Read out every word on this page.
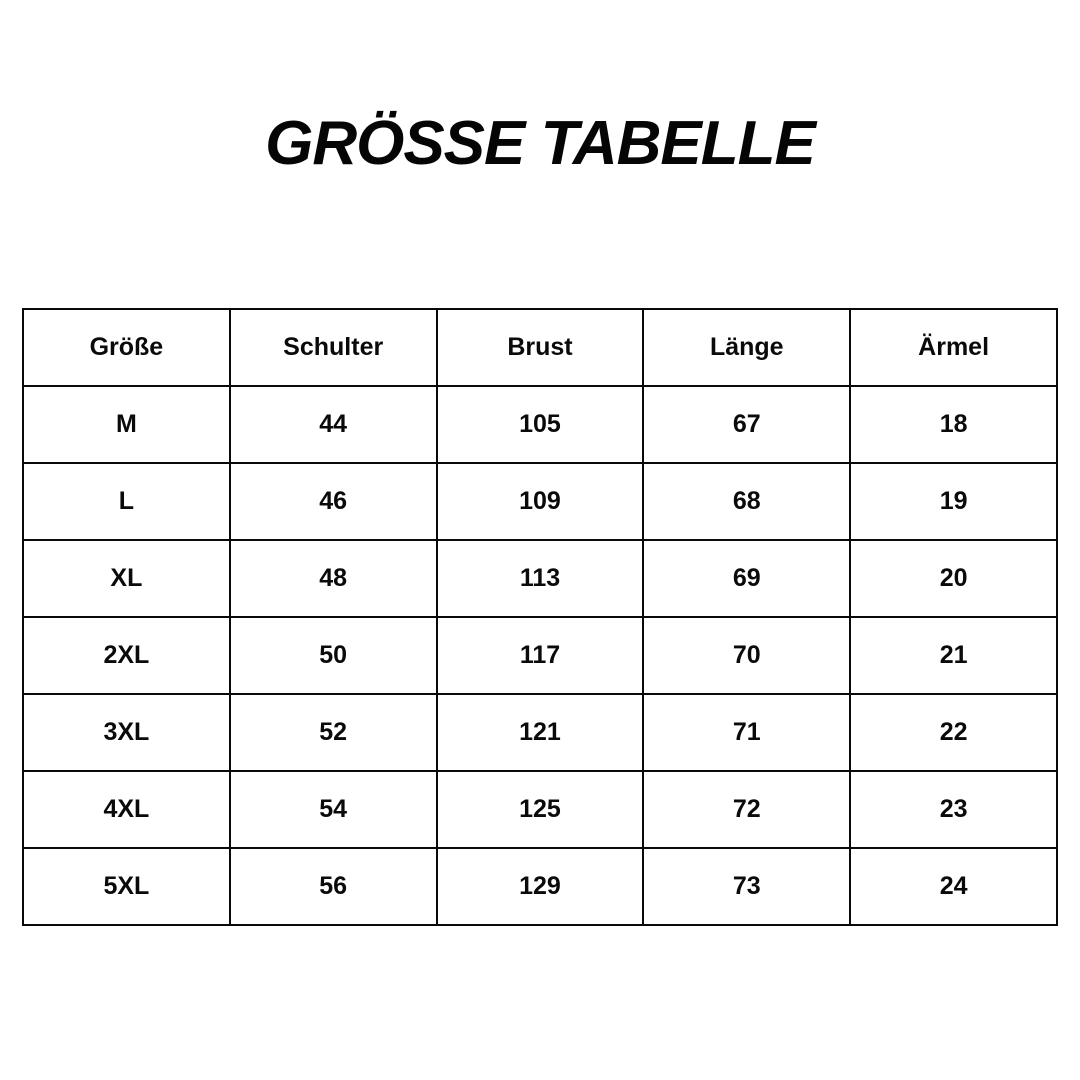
GRÖSSE TABELLE
Größe	Schulter	Brust	Länge	Ärmel
M	44	105	67	18
L	46	109	68	19
XL	48	113	69	20
2XL	50	117	70	21
3XL	52	121	71	22
4XL	54	125	72	23
5XL	56	129	73	24
